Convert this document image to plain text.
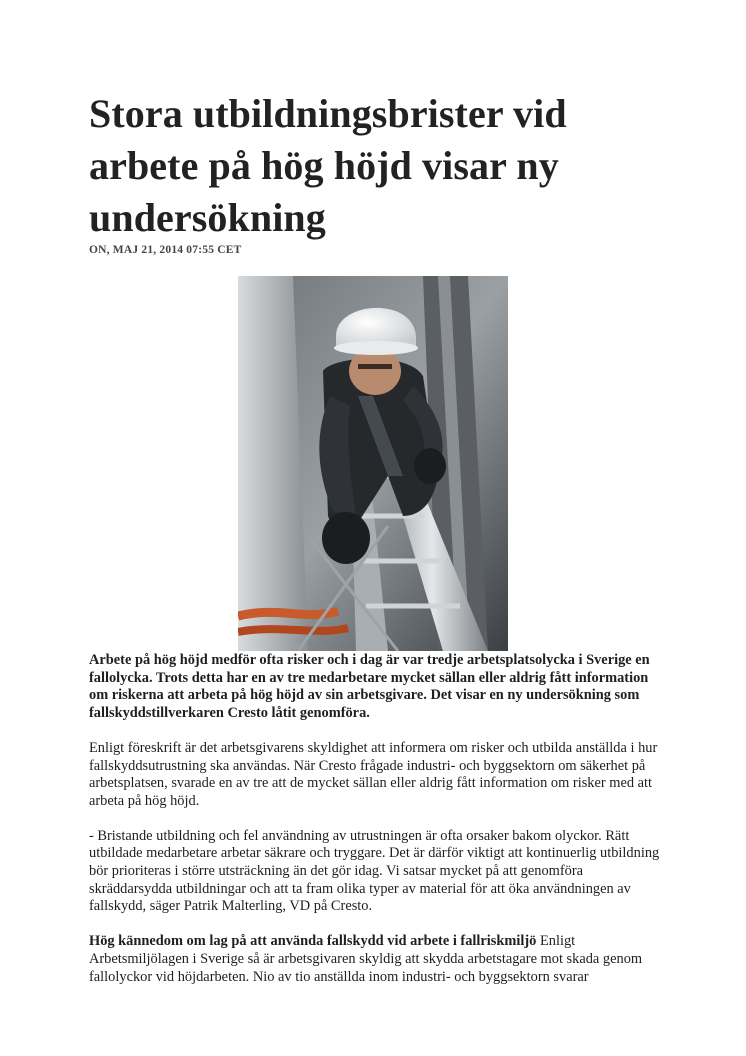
Stora utbildningsbrister vid arbete på hög höjd visar ny undersökning

ON, MAJ 21, 2014 07:55 CET

Arbete på hög höjd medför ofta risker och i dag är var tredje arbetsplatsolycka i Sverige en fallolycka. Trots detta har en av tre medarbetare mycket sällan eller aldrig fått information om riskerna att arbeta på hög höjd av sin arbetsgivare. Det visar en ny undersökning som fallskyddstillverkaren Cresto låtit genomföra.

Enligt föreskrift är det arbetsgivarens skyldighet att informera om risker och utbilda anställda i hur fallskyddsutrustning ska användas. När Cresto frågade industri- och byggsektorn om säkerhet på arbetsplatsen, svarade en av tre att de mycket sällan eller aldrig fått information om risker med att arbeta på hög höjd.

- Bristande utbildning och fel användning av utrustningen är ofta orsaker bakom olyckor. Rätt utbildade medarbetare arbetar säkrare och tryggare. Det är därför viktigt att kontinuerlig utbildning bör prioriteras i större utsträckning än det gör idag. Vi satsar mycket på att genomföra skräddarsydda utbildningar och att ta fram olika typer av material för att öka användningen av fallskydd, säger Patrik Malterling, VD på Cresto.

Hög kännedom om lag på att använda fallskydd vid arbete i fallriskmiljö Enligt Arbetsmiljölagen i Sverige så är arbetsgivaren skyldig att skydda arbetstagare mot skada genom fallolyckor vid höjdarbeten. Nio av tio anställda inom industri- och byggsektorn svarar
